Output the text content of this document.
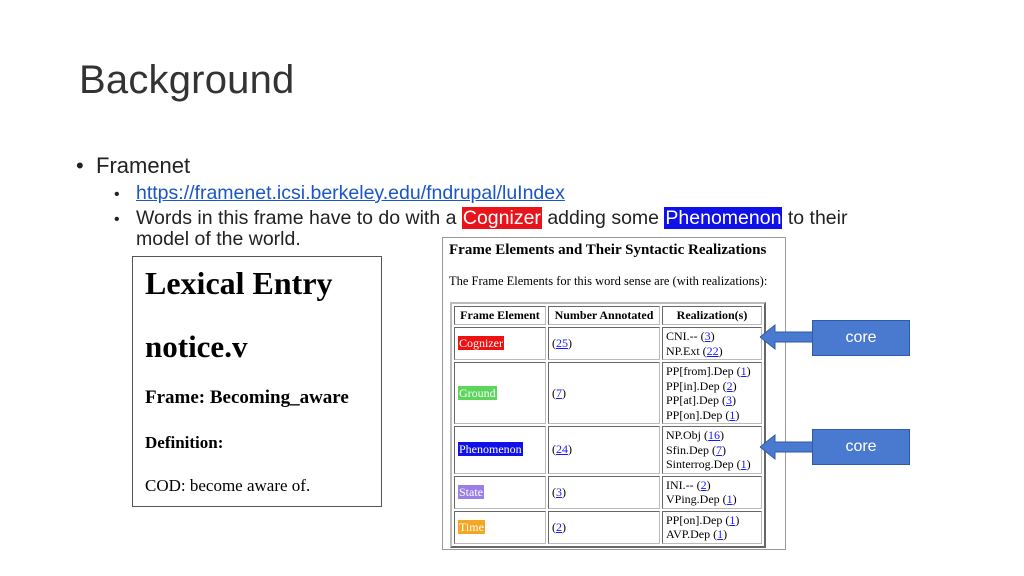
Background
• Framenet
• https://framenet.icsi.berkeley.edu/fndrupal/luIndex
• Words in this frame have to do with a Cognizer adding some Phenomenon to their
model of the world.
Lexical Entry
notice.v
Frame: Becoming_aware
Definition:
COD: become aware of.
Frame Elements and Their Syntactic Realizations
The Frame Elements for this word sense are (with realizations):
Frame Element	Number Annotated	Realization(s)
Cognizer	(25)	CNI.-- (3)
NP.Ext (22)

Ground	(7)	PP[from].Dep (1)
PP[in].Dep (2)
PP[at].Dep (3)
PP[on].Dep (1)

Phenomenon	(24)	NP.Obj (16)
Sfin.Dep (7)
Sinterrog.Dep (1)

State	(3)	INI.-- (2)
VPing.Dep (1)

Time	(2)	PP[on].Dep (1)
AVP.Dep (1)
core
core
